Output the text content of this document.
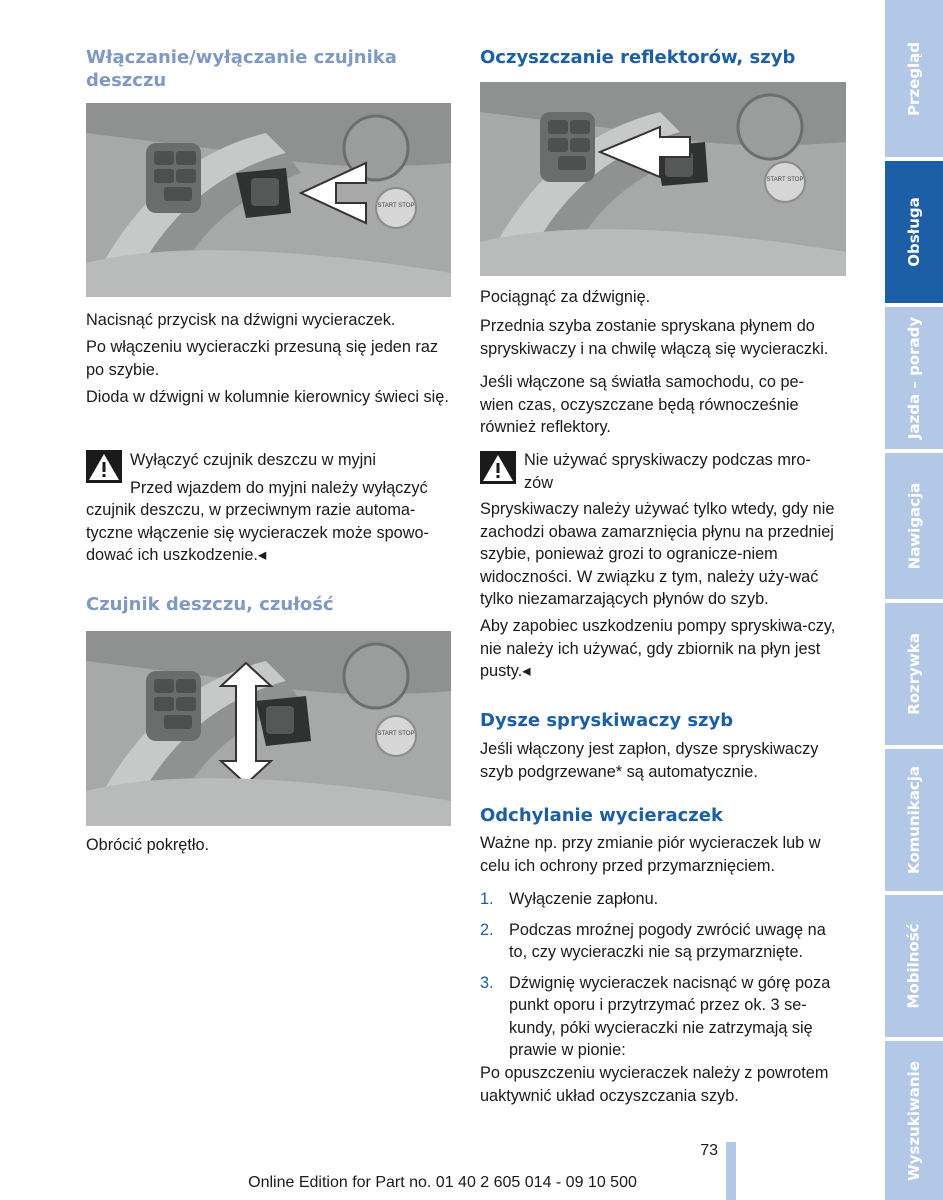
Włączanie/wyłączanie czujnika deszczu
START STOP

Nacisnąć przycisk na dźwigni wycieraczek.

Po włączeniu wycieraczki przesuną się jeden raz po szybie.

Dioda w dźwigni w kolumnie kierownicy świeci się.

Wyłączyć czujnik deszczu w myjni

Przed wjazdem do myjni należy wyłączyć

czujnik deszczu, w przeciwnym razie automa-tyczne włączenie się wycieraczek może spowo-dować ich uszkodzenie.◂

Czujnik deszczu, czułość
START STOP

Obrócić pokrętło.

Oczyszczanie reflektorów, szyb
START STOP

Pociągnąć za dźwignię.

Przednia szyba zostanie spryskana płynem do spryskiwaczy i na chwilę włączą się wycieraczki.

Jeśli włączone są światła samochodu, co pe-wien czas, oczyszczane będą równocześnie również reflektory.

Nie używać spryskiwaczy podczas mro-zów

Spryskiwaczy należy używać tylko wtedy, gdy nie zachodzi obawa zamarznięcia płynu na przedniej szybie, ponieważ grozi to ogranicze-niem widoczności. W związku z tym, należy uży-wać tylko niezamarzających płynów do szyb.

Aby zapobiec uszkodzeniu pompy spryskiwa-czy, nie należy ich używać, gdy zbiornik na płyn jest pusty.◂

Dysze spryskiwaczy szyb

Jeśli włączony jest zapłon, dysze spryskiwaczy szyb podgrzewane* są automatycznie.

Odchylanie wycieraczek

Ważne np. przy zmianie piór wycieraczek lub w celu ich ochrony przed przymarznięciem.

1. Wyłączenie zapłonu.
2. Podczas mroźnej pogody zwrócić uwagę na to, czy wycieraczki nie są przymarznięte.
3. Dźwignię wycieraczek nacisnąć w górę poza punkt oporu i przytrzymać przez ok. 3 se-kundy, póki wycieraczki nie zatrzymają się prawie w pionie:

Po opuszczeniu wycieraczek należy z powrotem uaktywnić układ oczyszczania szyb.

Przegląd
Obsługa
Jazda – porady
Nawigacja
Rozrywka
Komunikacja
Mobilność
Wyszukiwanie
73
Online Edition for Part no. 01 40 2 605 014 - 09 10 500
